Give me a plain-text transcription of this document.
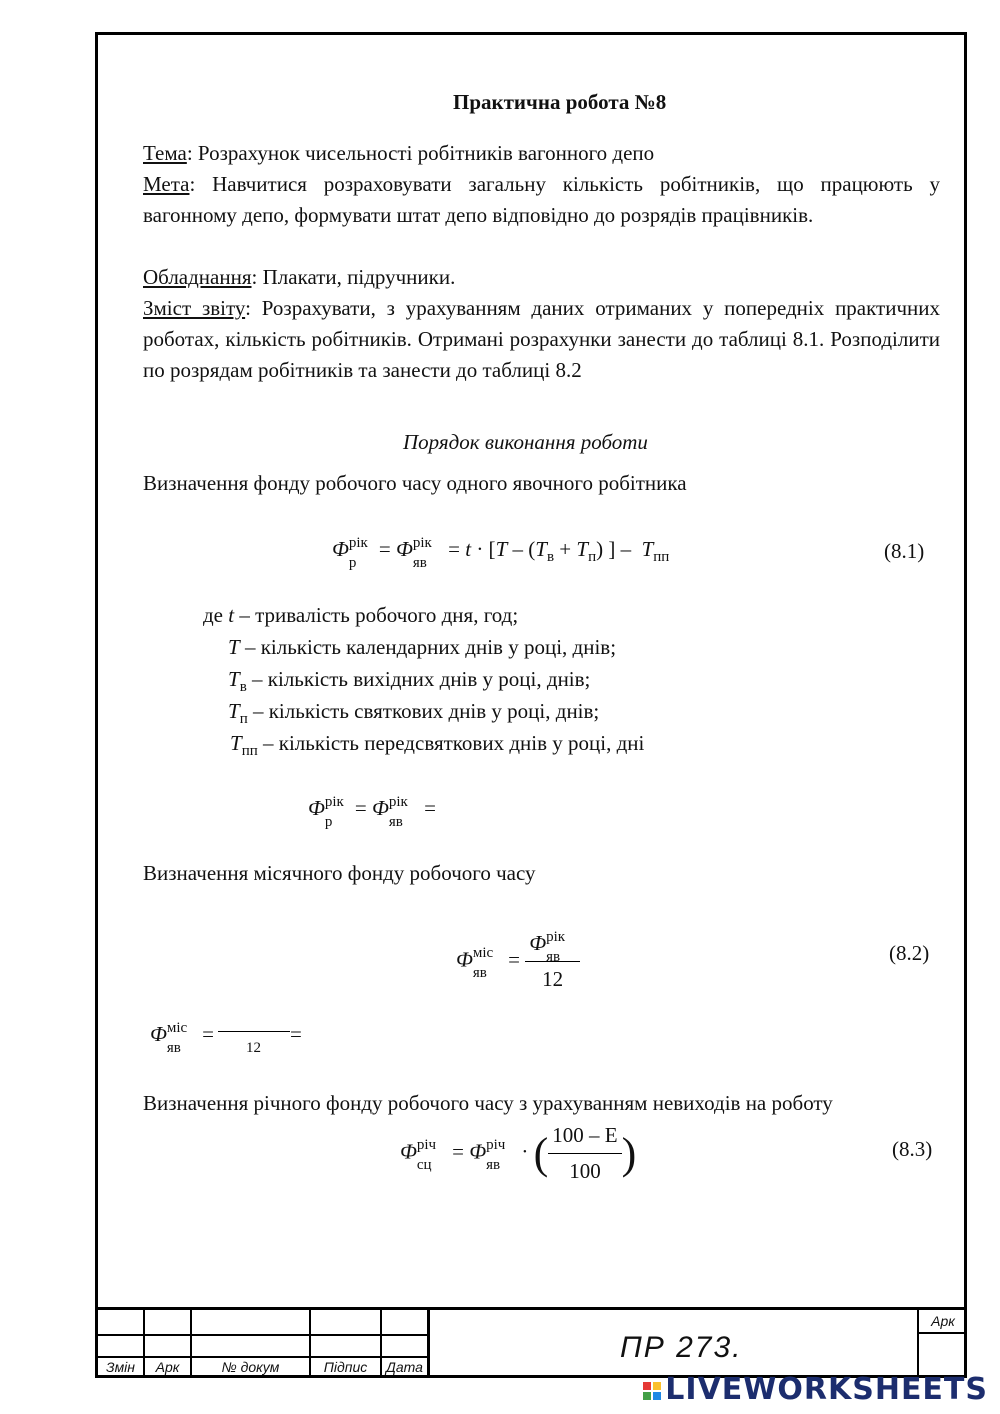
Практична робота №8
Тема: Розрахунок чисельності робітників вагонного депо
Мета: Навчитися розраховувати загальну кількість робітників, що працюють у вагонному депо, формувати штат депо відповідно до розрядів працівників.
Обладнання: Плакати, підручники.
Зміст звіту: Розрахувати, з урахуванням даних отриманих у попередніх практичних роботах, кількість робітників. Отримані розрахунки занести до таблиці 8.1. Розподілити по розрядам робітників та занести до таблиці 8.2
Порядок виконання роботи
Визначення фонду робочого часу одного явочного робітника
Ф рік
р
= Ф рік
яв
= $t \cdot [T - (T_в + T_п)$ ] –  $T_{пп}$	(8.1)
де t – тривалість робочого дня, год;
T – кількість календарних днів у році, днів;
$T_в$ – кількість вихідних днів у році, днів;
$T_п$ – кількість святкових днів у році, днів;
$T_{пп}$ – кількість передсвяткових днів у році, дні
Ф рік
р
= Ф рік
яв
=
Визначення місячного фонду робочого часу
Ф міс
яв
= Ф рік
яв
12	(8.2)
Ф міс
яв
=
12
=
Визначення річного фонду робочого часу з урахуванням невиходів на роботу
Ф річ
сц
= Ф річ
яв
· ( $\frac{100 - E}{100}$ )	(8.3)
Змін	Арк	№ докум	Підпис	Дата
Арк
ПР 273.
LIVEWORKSHEETS
